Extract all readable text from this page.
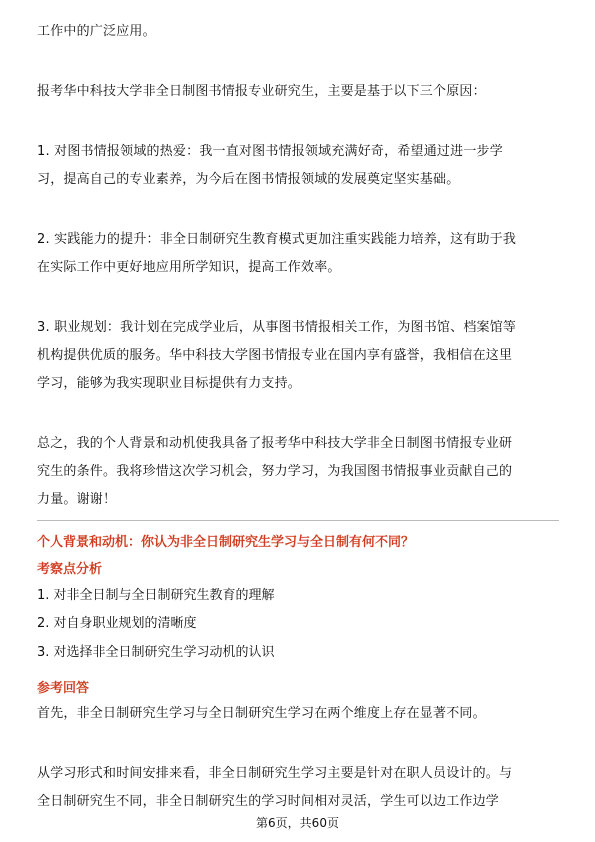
工作中的广泛应用。

报考华中科技大学非全日制图书情报专业研究生，主要是基于以下三个原因：

1. 对图书情报领域的热爱：我一直对图书情报领域充满好奇，希望通过进一步学

习，提高自己的专业素养，为今后在图书情报领域的发展奠定坚实基础。

2. 实践能力的提升：非全日制研究生教育模式更加注重实践能力培养，这有助于我

在实际工作中更好地应用所学知识，提高工作效率。

3. 职业规划：我计划在完成学业后，从事图书情报相关工作，为图书馆、档案馆等

机构提供优质的服务。华中科技大学图书情报专业在国内享有盛誉，我相信在这里

学习，能够为我实现职业目标提供有力支持。

总之，我的个人背景和动机使我具备了报考华中科技大学非全日制图书情报专业研

究生的条件。我将珍惜这次学习机会，努力学习，为我国图书情报事业贡献自己的

力量。谢谢！

个人背景和动机：你认为非全日制研究生学习与全日制有何不同？

考察点分析

1. 对非全日制与全日制研究生教育的理解

2. 对自身职业规划的清晰度

3. 对选择非全日制研究生学习动机的认识

参考回答

首先，非全日制研究生学习与全日制研究生学习在两个维度上存在显著不同。

从学习形式和时间安排来看，非全日制研究生学习主要是针对在职人员设计的。与

全日制研究生不同，非全日制研究生的学习时间相对灵活，学生可以边工作边学

第6页，共60页
